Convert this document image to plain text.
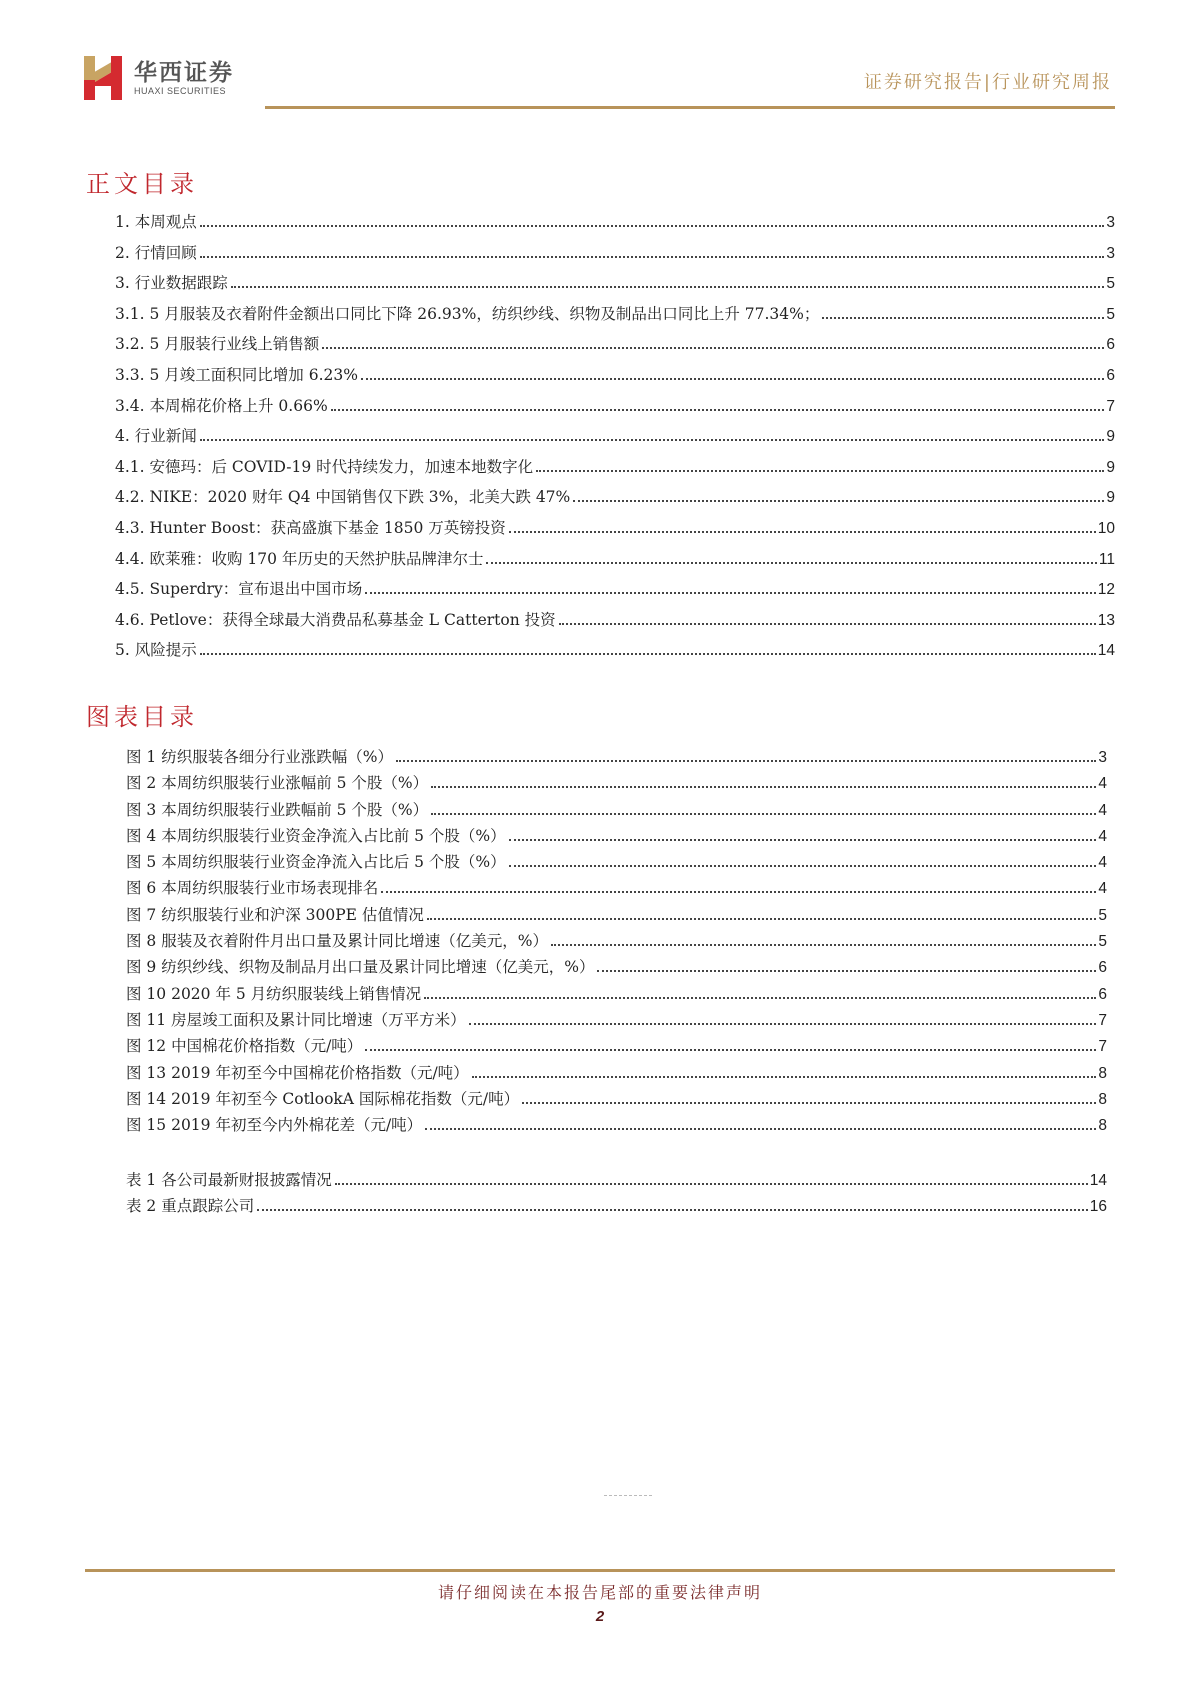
华西证券
HUAXI SECURITIES	证券研究报告|行业研究周报
正文目录
1. 本周观点	3
2. 行情回顾	3
3. 行业数据跟踪	5
3.1. 5 月服装及衣着附件金额出口同比下降 26.93%，纺织纱线、织物及制品出口同比上升 77.34%；	5
3.2. 5 月服装行业线上销售额	6
3.3. 5 月竣工面积同比增加 6.23%	6
3.4. 本周棉花价格上升 0.66%	7
4. 行业新闻	9
4.1. 安德玛：后 COVID-19 时代持续发力，加速本地数字化	9
4.2. NIKE：2020 财年 Q4 中国销售仅下跌 3%，北美大跌 47%	9
4.3. Hunter Boost：获高盛旗下基金 1850 万英镑投资	10
4.4. 欧莱雅：收购 170 年历史的天然护肤品牌津尔士	11
4.5. Superdry：宣布退出中国市场	12
4.6. Petlove：获得全球最大消费品私募基金 L Catterton 投资	13
5. 风险提示	14
图表目录
图 1 纺织服装各细分行业涨跌幅（%）	3
图 2 本周纺织服装行业涨幅前 5 个股（%）	4
图 3 本周纺织服装行业跌幅前 5 个股（%）	4
图 4 本周纺织服装行业资金净流入占比前 5 个股（%）	4
图 5 本周纺织服装行业资金净流入占比后 5 个股（%）	4
图 6 本周纺织服装行业市场表现排名	4
图 7 纺织服装行业和沪深 300PE 估值情况	5
图 8 服装及衣着附件月出口量及累计同比增速（亿美元，%）	5
图 9 纺织纱线、织物及制品月出口量及累计同比增速（亿美元，%）	6
图 10 2020 年 5 月纺织服装线上销售情况	6
图 11 房屋竣工面积及累计同比增速（万平方米）	7
图 12 中国棉花价格指数（元/吨）	7
图 13 2019 年初至今中国棉花价格指数（元/吨）	8
图 14 2019 年初至今 CotlookA 国际棉花指数（元/吨）	8
图 15 2019 年初至今内外棉花差（元/吨）	8
表 1 各公司最新财报披露情况	14
表 2 重点跟踪公司	16
请仔细阅读在本报告尾部的重要法律声明
2
